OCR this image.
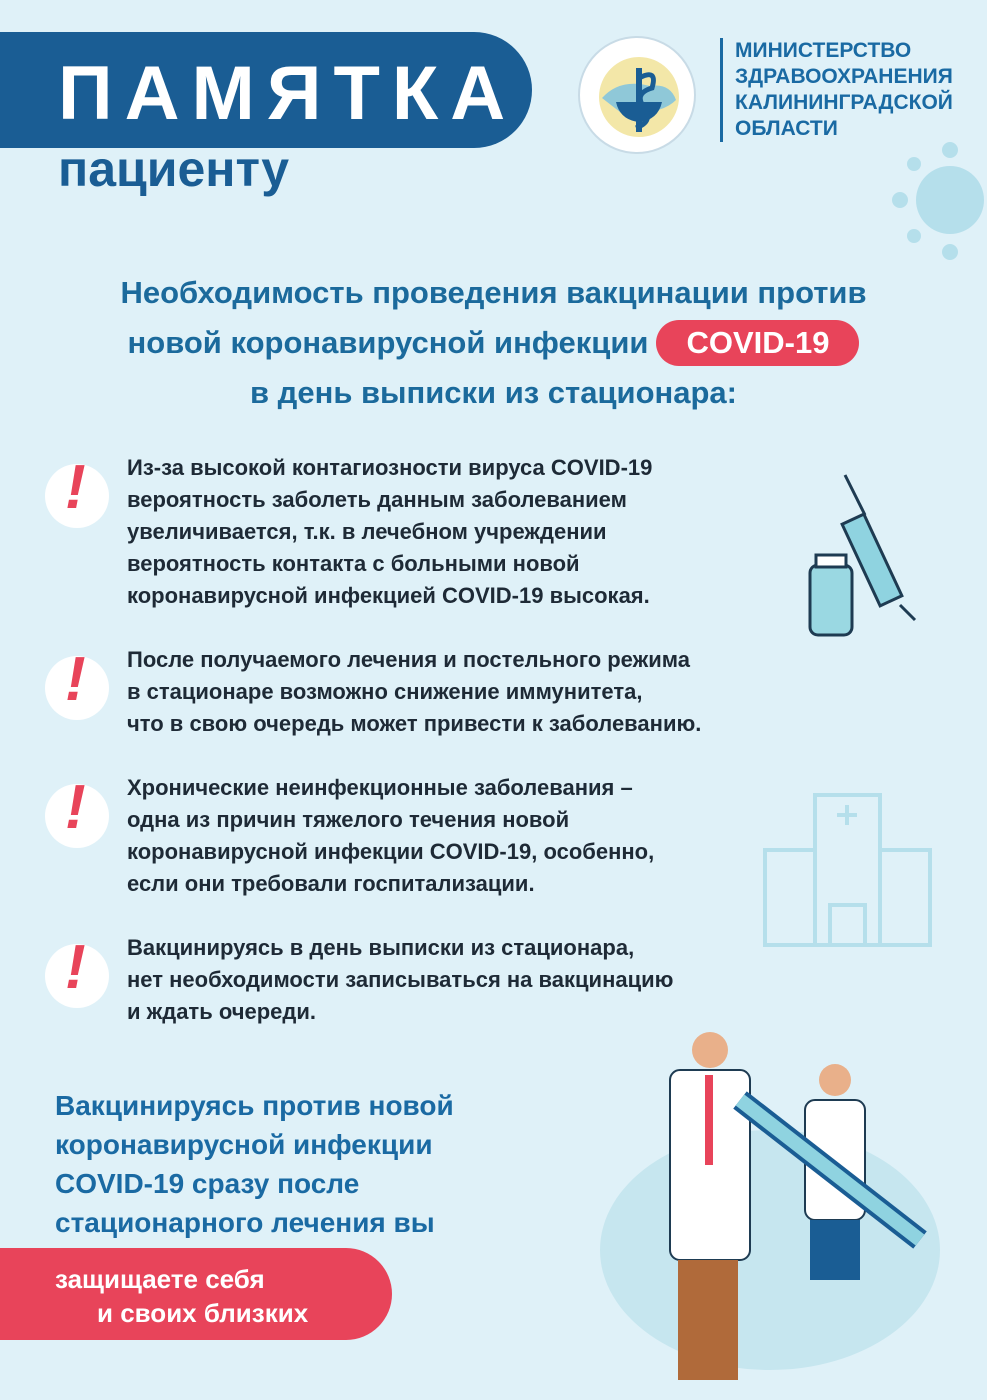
ПАМЯТКА
пациенту
МИНИСТЕРСТВО
ЗДРАВООХРАНЕНИЯ
КАЛИНИНГРАДСКОЙ
ОБЛАСТИ
Необходимость проведения вакцинации против
новой коронавирусной инфекции COVID-19
в день выписки из стационара:
! Из-за высокой контагиозности вируса COVID-19
вероятность заболеть данным заболеванием
увеличивается, т.к. в лечебном учреждении
вероятность контакта с больными новой
коронавирусной инфекцией COVID-19 высокая.
! После получаемого лечения и постельного режима
в стационаре возможно снижение иммунитета,
что в свою очередь может привести к заболеванию.
! Хронические неинфекционные заболевания –
одна из причин тяжелого течения новой
коронавирусной инфекции COVID-19, особенно,
если они требовали госпитализации.
! Вакцинируясь в день выписки из стационара,
нет необходимости записываться на вакцинацию
и ждать очереди.
Вакцинируясь против новой
коронавирусной инфекции
COVID-19 сразу после
стационарного лечения вы
защищаете себя
и своих близких
